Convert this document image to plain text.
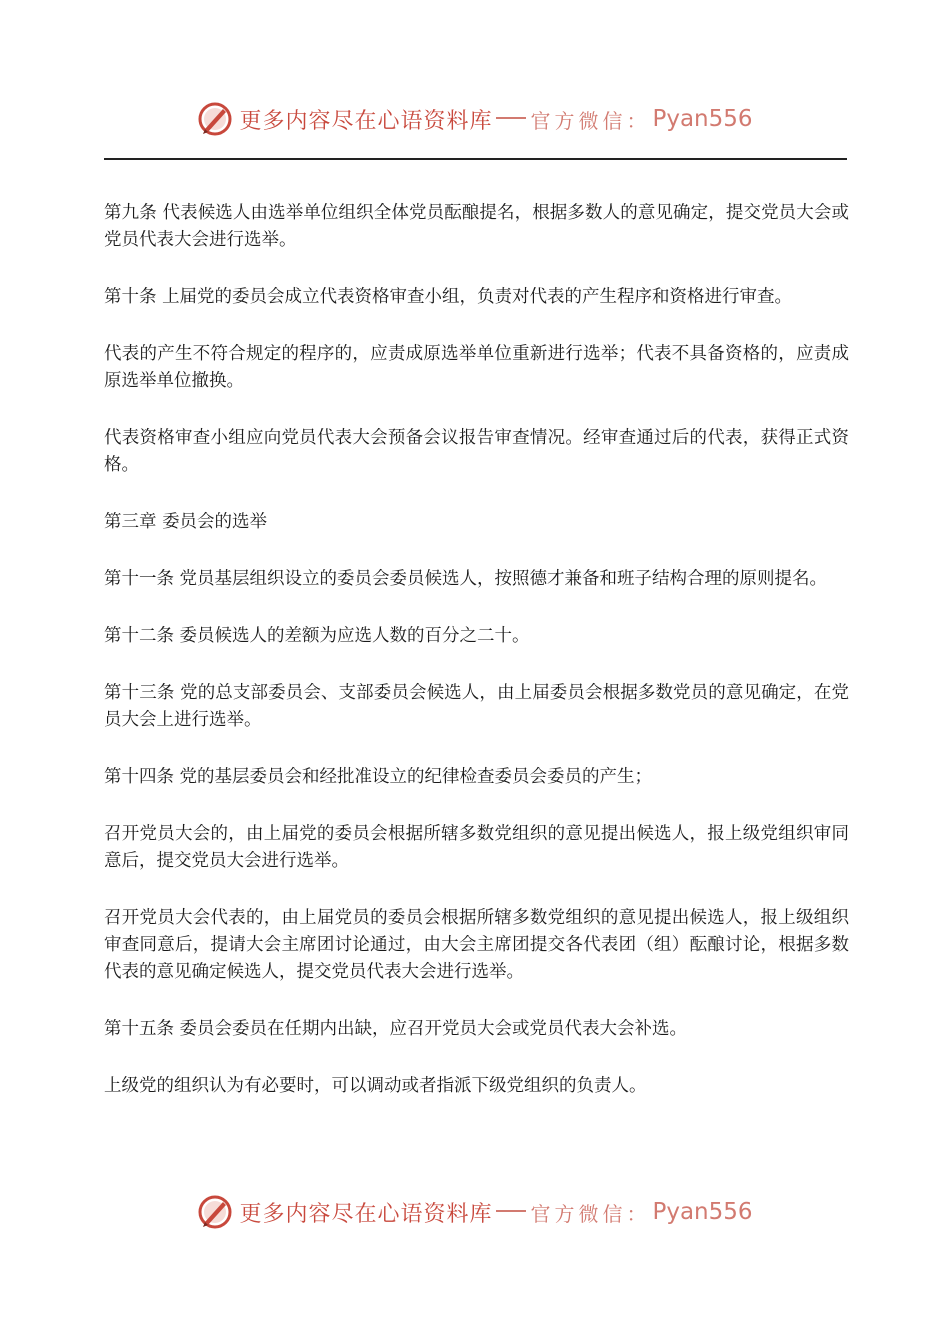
更多内容尽在心语资料库 官方微信： Pyan556

第九条 代表候选人由选举单位组织全体党员酝酿提名，根据多数人的意见确定，提交党员大会或党员代表大会进行选举。

第十条 上届党的委员会成立代表资格审查小组，负责对代表的产生程序和资格进行审查。

代表的产生不符合规定的程序的，应责成原选举单位重新进行选举；代表不具备资格的，应责成原选举单位撤换。

代表资格审查小组应向党员代表大会预备会议报告审查情况。经审查通过后的代表，获得正式资格。

第三章 委员会的选举

第十一条 党员基层组织设立的委员会委员候选人，按照德才兼备和班子结构合理的原则提名。

第十二条 委员候选人的差额为应选人数的百分之二十。

第十三条 党的总支部委员会、支部委员会候选人，由上届委员会根据多数党员的意见确定，在党员大会上进行选举。

第十四条 党的基层委员会和经批准设立的纪律检查委员会委员的产生；

召开党员大会的，由上届党的委员会根据所辖多数党组织的意见提出候选人，报上级党组织审同意后，提交党员大会进行选举。

召开党员大会代表的，由上届党员的委员会根据所辖多数党组织的意见提出候选人，报上级组织审查同意后，提请大会主席团讨论通过，由大会主席团提交各代表团（组）酝酿讨论，根据多数代表的意见确定候选人，提交党员代表大会进行选举。

第十五条 委员会委员在任期内出缺，应召开党员大会或党员代表大会补选。

上级党的组织认为有必要时，可以调动或者指派下级党组织的负责人。

更多内容尽在心语资料库 官方微信： Pyan556
